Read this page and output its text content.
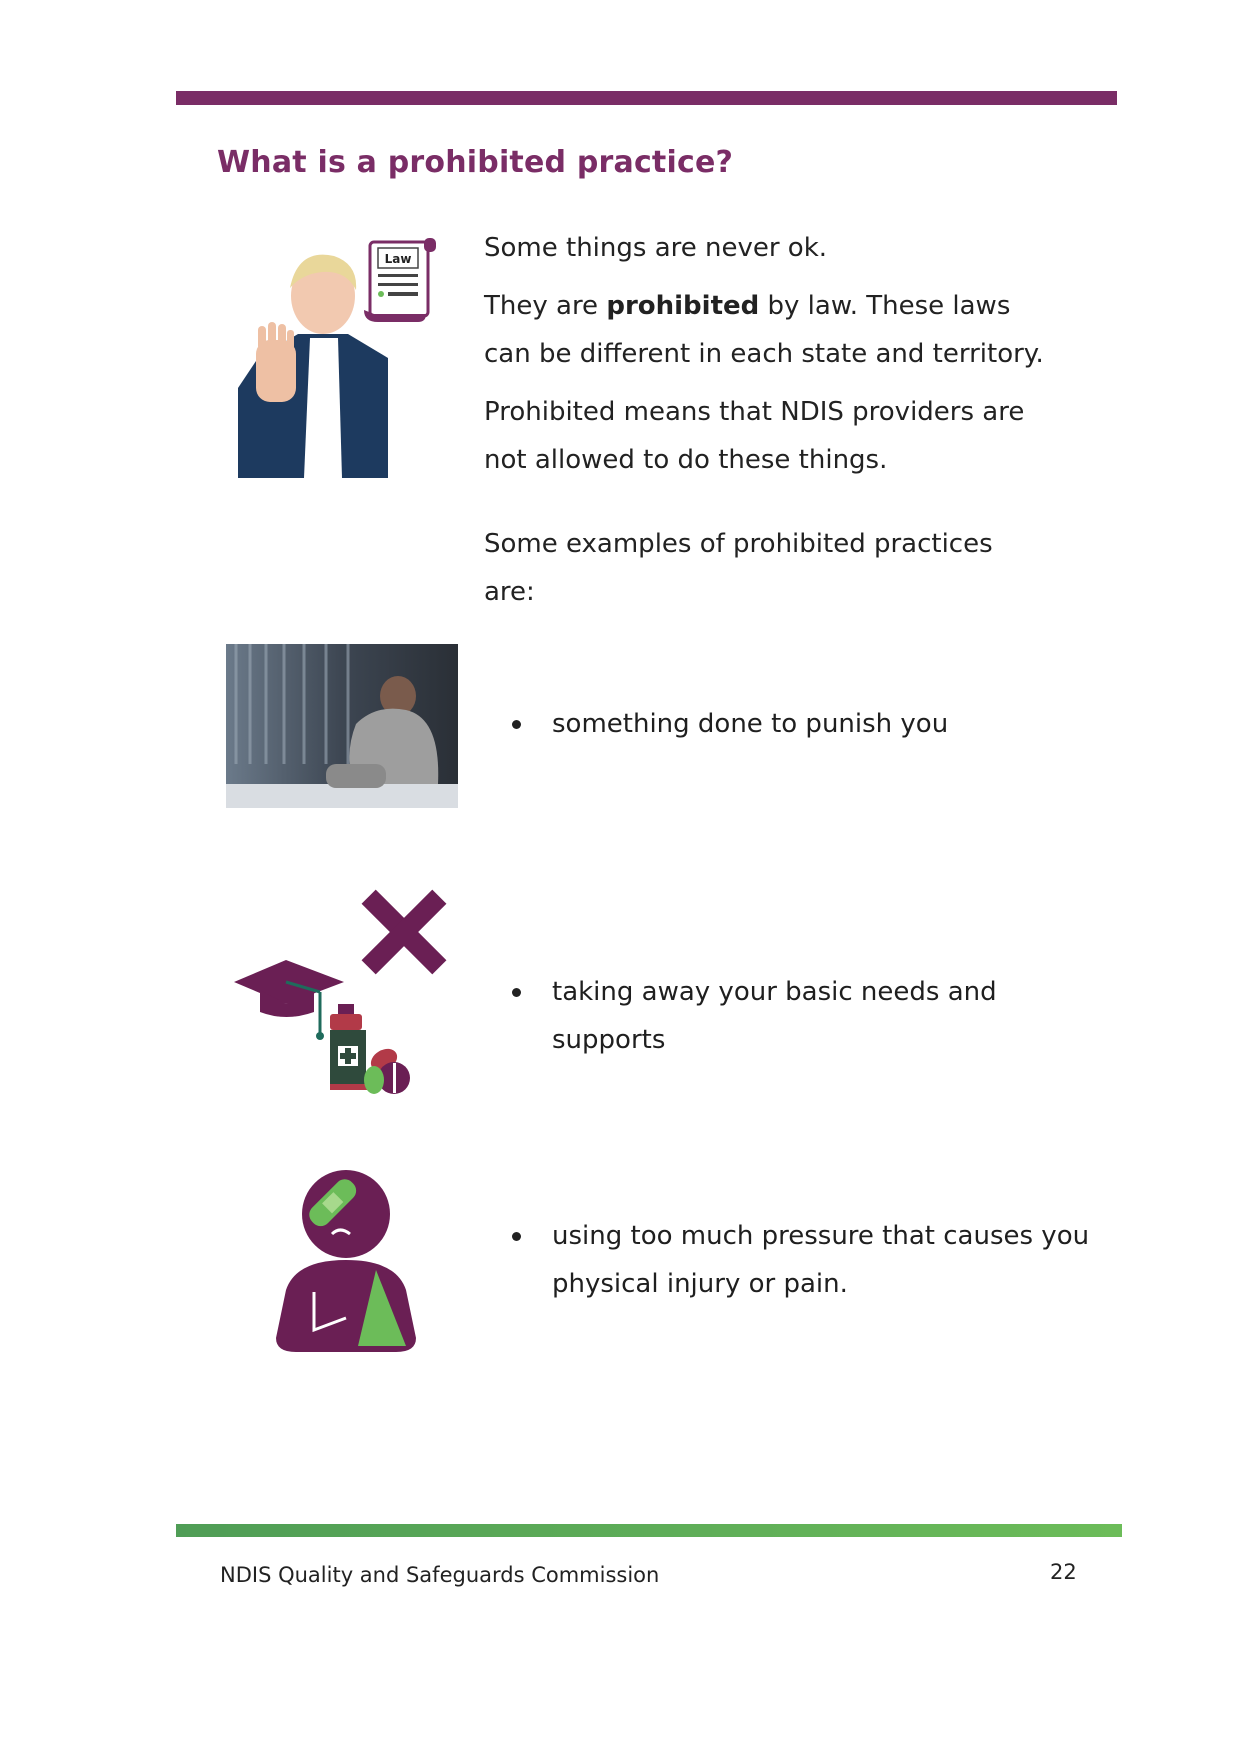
What is a prohibited practice?
Law	Some things are never ok.

They are prohibited by law. These laws can be different in each state and territory.

Prohibited means that NDIS providers are not allowed to do these things.

Some examples of prohibited practices are:

something done to punish you
taking away your basic needs and supports
using too much pressure that causes you physical injury or pain.
NDIS Quality and Safeguards Commission	22
